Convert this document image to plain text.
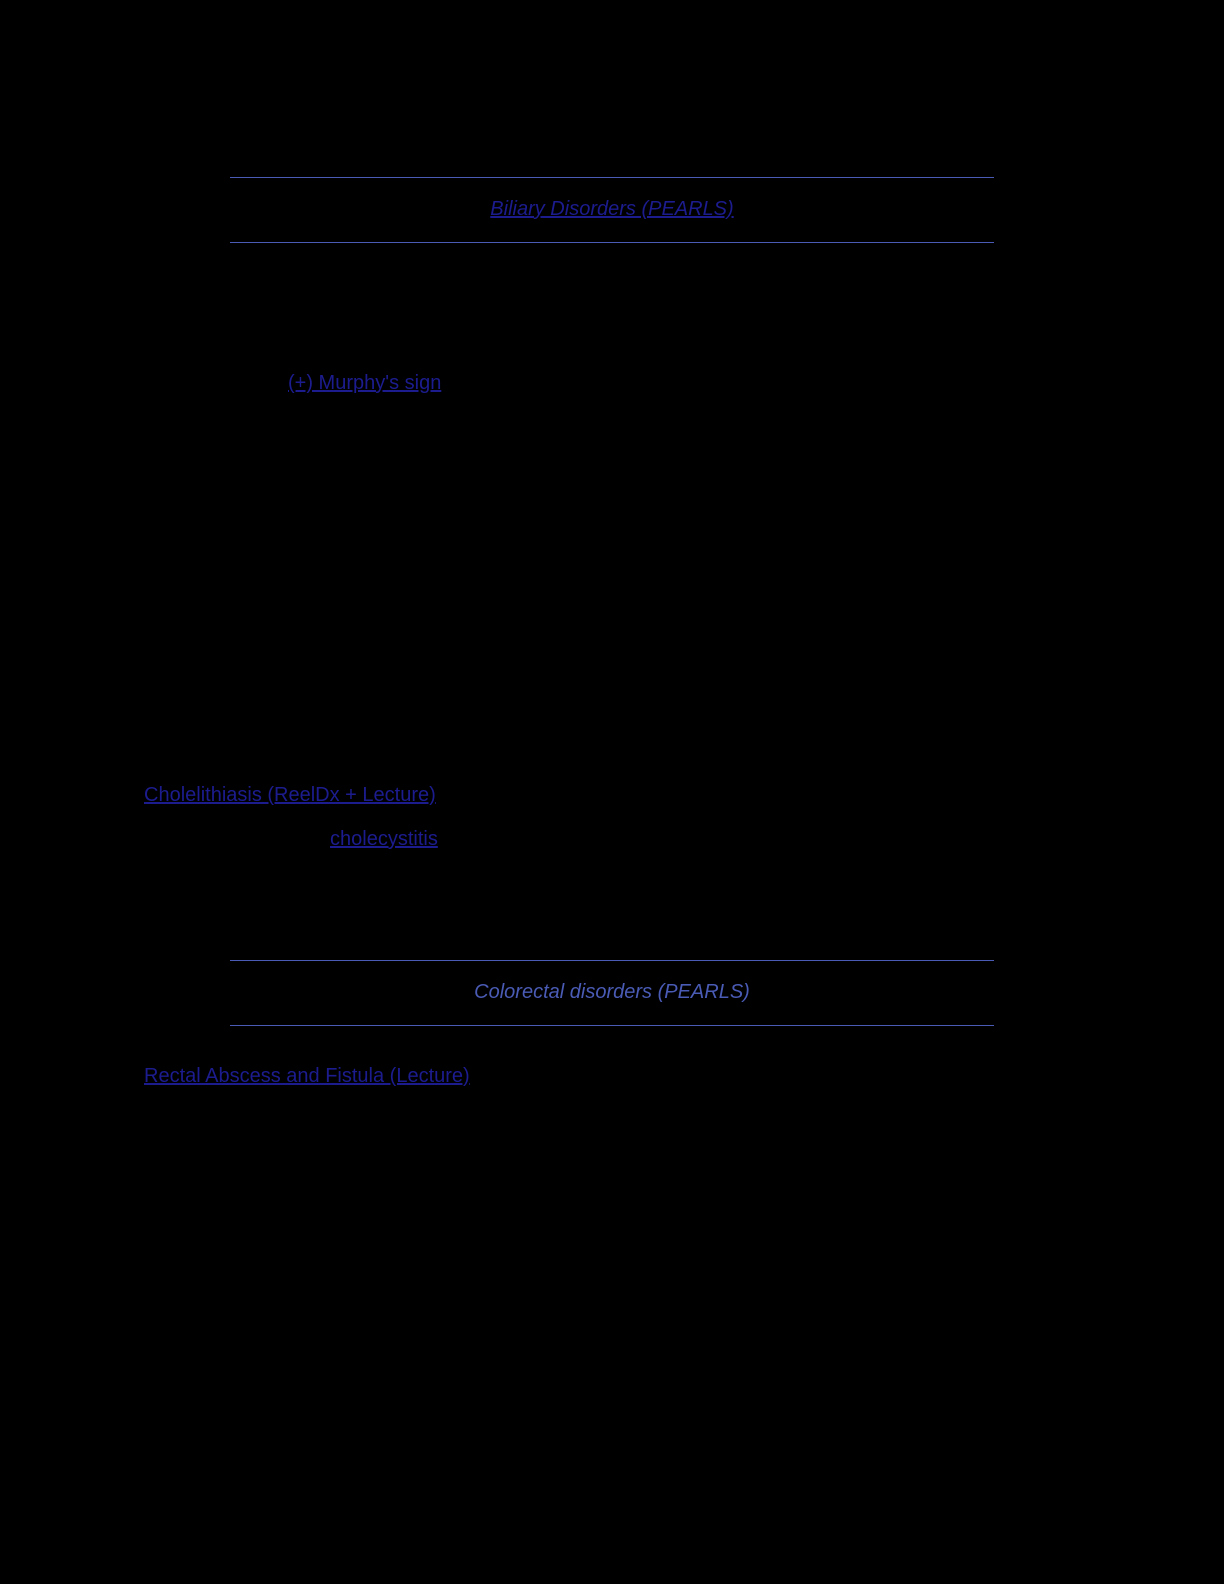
Biliary Disorders (PEARLS)
(+) Murphy's sign
Cholelithiasis (ReelDx + Lecture)
cholecystitis
Colorectal disorders (PEARLS)
Rectal Abscess and Fistula (Lecture)
